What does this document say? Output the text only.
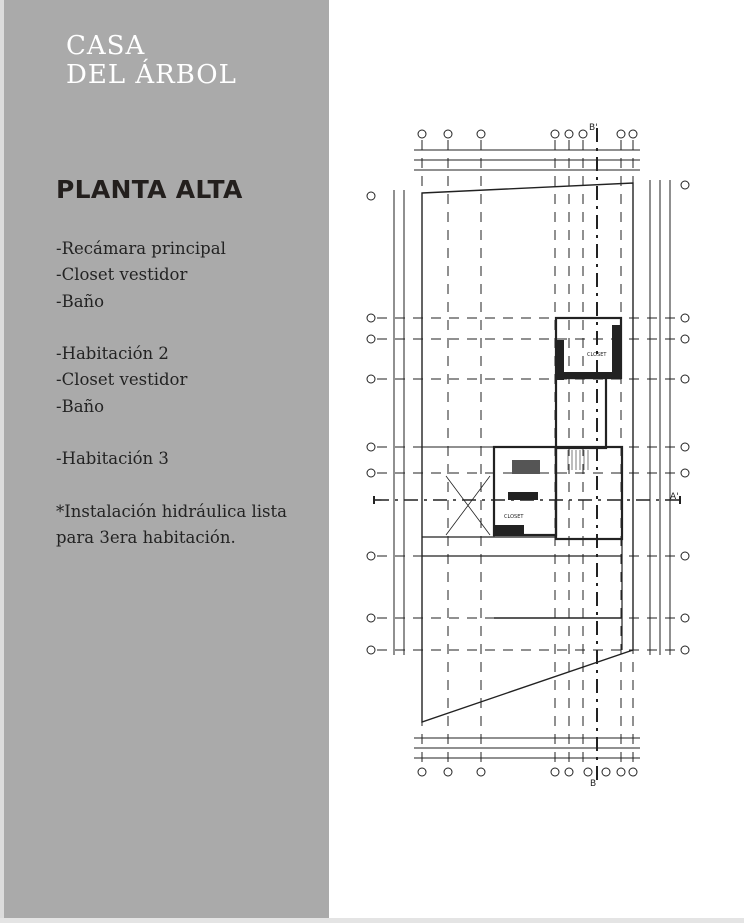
CASA
DEL ÁRBOL
PLANTA ALTA
-Recámara principal
-Closet vestidor
-Baño
-Habitación 2
-Closet vestidor
-Baño
-Habitación 3
*Instalación hidráulica lista para 3era habitación.
B'
B
A'
CLOSET
CLOSET
